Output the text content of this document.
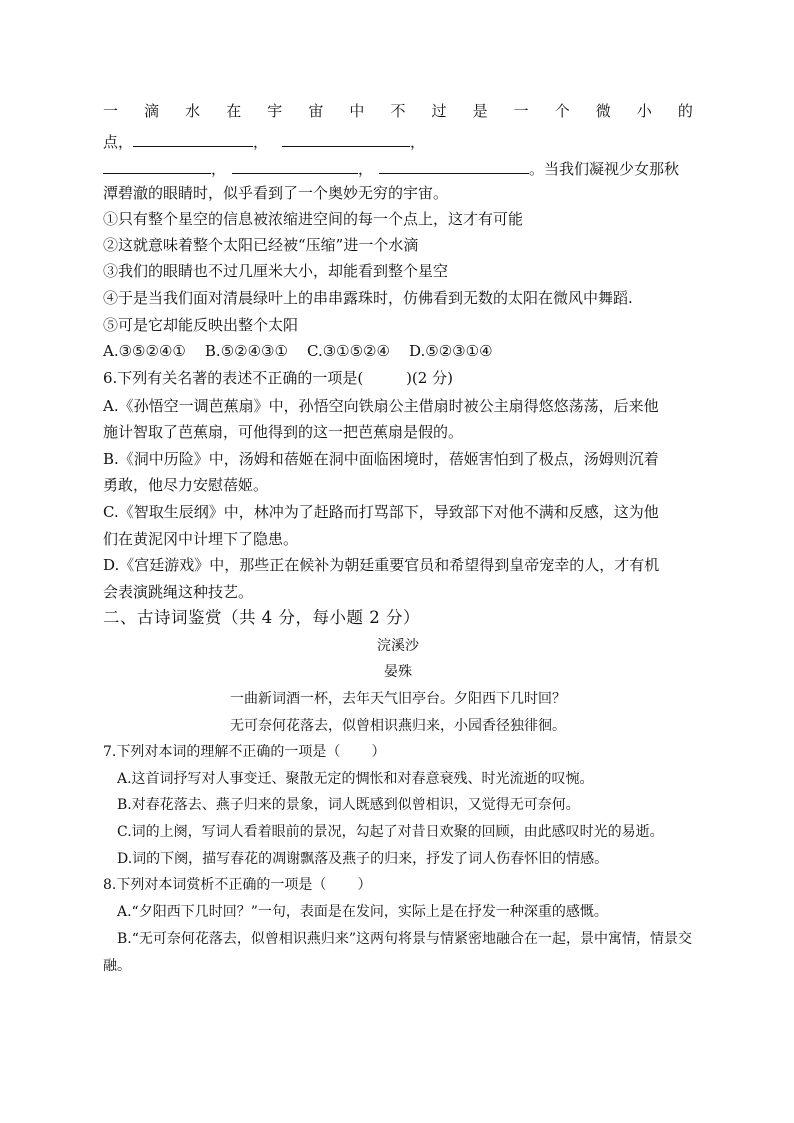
一 滴 水 在 宇 宙 中 不 过 是 一 个 微 小 的
点，	，	，
，	，	。当我们凝视少女那秋
潭碧澈的眼睛时，似乎看到了一个奥妙无穷的宇宙。
①只有整个星空的信息被浓缩进空间的每一个点上，这才有可能
②这就意味着整个太阳已经被“压缩”进一个水滴
③我们的眼睛也不过几厘米大小，却能看到整个星空
④于是当我们面对清晨绿叶上的串串露珠时，仿佛看到无数的太阳在微风中舞蹈.
⑤可是它却能反映出整个太阳
A.③⑤②④①    B.⑤②④③①    C.③①⑤②④    D.⑤②③①④
6.下列有关名著的表述不正确的一项是(         )(2 分)
A.《孙悟空一调芭蕉扇》中，孙悟空向铁扇公主借扇时被公主扇得悠悠荡荡，后来他
施计智取了芭蕉扇，可他得到的这一把芭蕉扇是假的。
B.《洞中历险》中，汤姆和蓓姬在洞中面临困境时，蓓姬害怕到了极点，汤姆则沉着
勇敢，他尽力安慰蓓姬。
C.《智取生辰纲》中，林冲为了赶路而打骂部下，导致部下对他不满和反感，这为他
们在黄泥冈中计埋下了隐患。
D.《宫廷游戏》中，那些正在候补为朝廷重要官员和希望得到皇帝宠幸的人，才有机
会表演跳绳这种技艺。
二、古诗词鉴赏（共 4 分，每小题 2 分）
浣溪沙
晏殊
一曲新词酒一杯，去年天气旧亭台。夕阳西下几时回？
无可奈何花落去，似曾相识燕归来，小园香径独徘徊。
7.下列对本词的理解不正确的一项是（       ）
A.这首词抒写对人事变迁、聚散无定的惆怅和对春意衰残、时光流逝的叹惋。
B.对春花落去、燕子归来的景象，词人既感到似曾相识，又觉得无可奈何。
C.词的上阕，写词人看着眼前的景况，勾起了对昔日欢聚的回顾，由此感叹时光的易逝。
D.词的下阕，描写春花的凋谢飘落及燕子的归来，抒发了词人伤春怀旧的情感。
8.下列对本词赏析不正确的一项是（       ）
A.“夕阳西下几时回？”一句，表面是在发问，实际上是在抒发一种深重的感慨。
B.“无可奈何花落去，似曾相识燕归来”这两句将景与情紧密地融合在一起，景中寓情，情景交
融。
